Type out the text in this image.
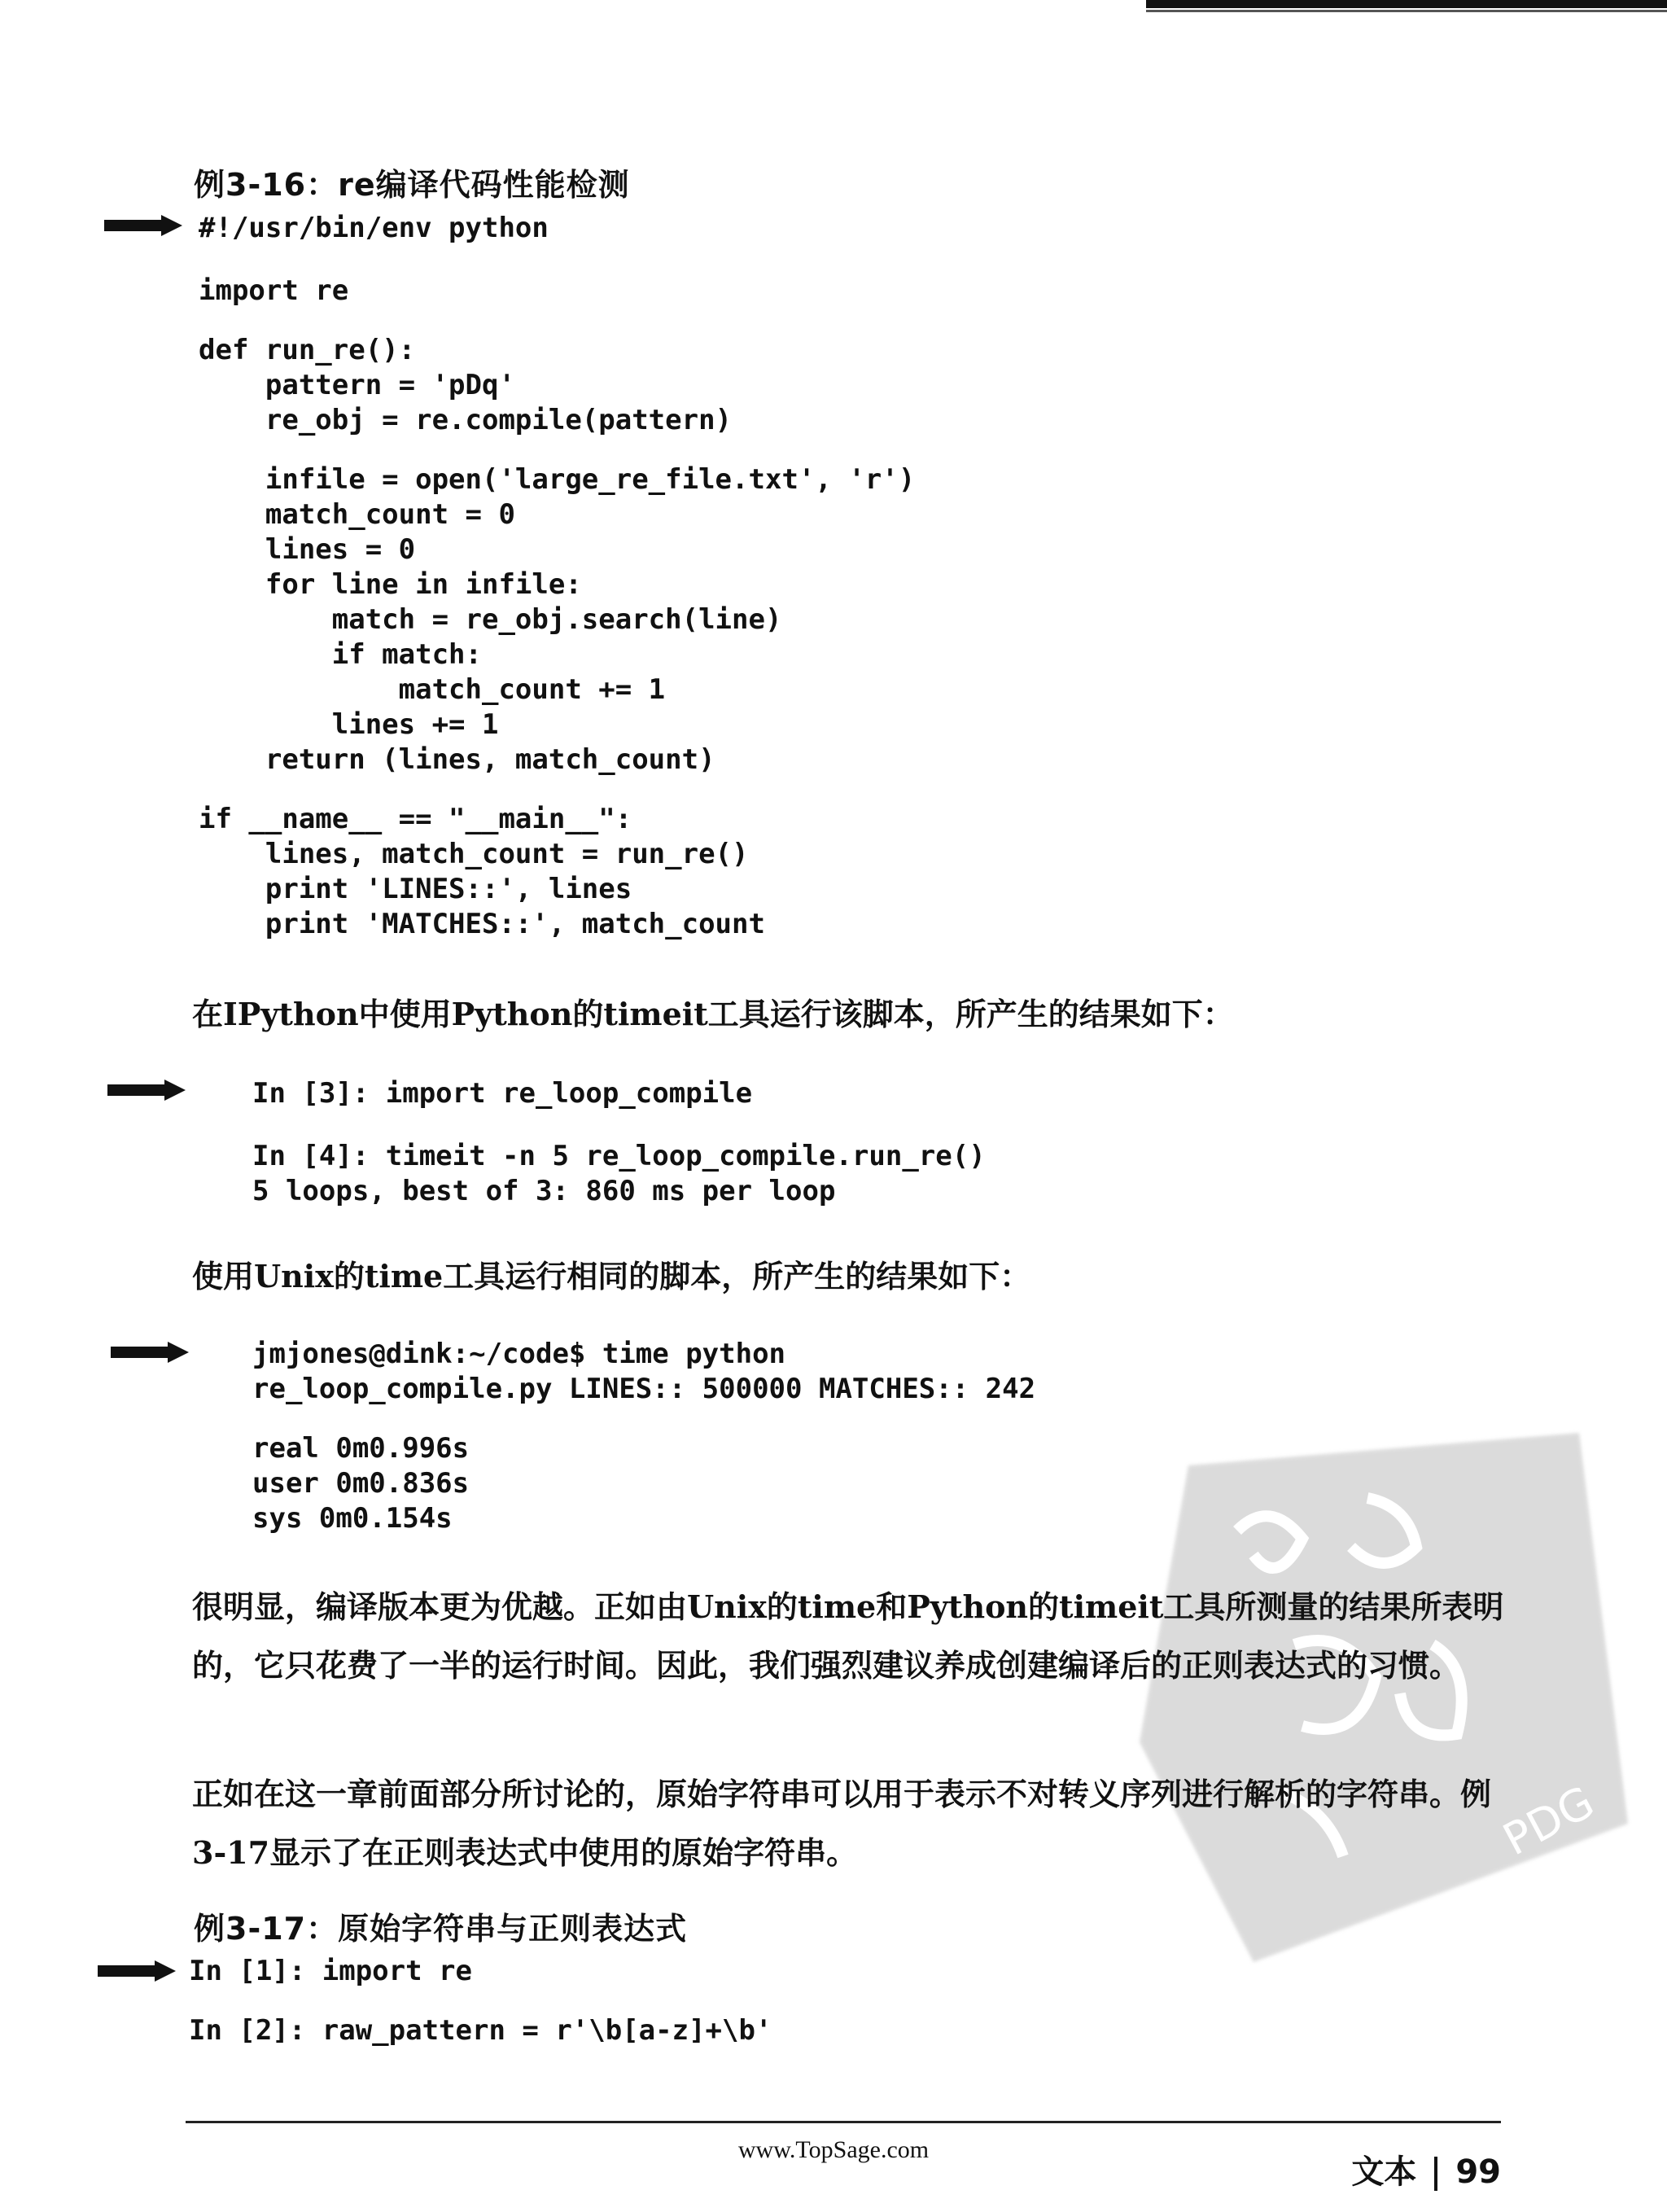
PDG
例3-16：re编译代码性能检测
#!/usr/bin/env python
import re
def run_re():
pattern = 'pDq'
re_obj = re.compile(pattern)
infile = open('large_re_file.txt', 'r')
match_count = 0
lines = 0
for line in infile:
match = re_obj.search(line)
if match:
match_count += 1
lines += 1
return (lines, match_count)
if __name__ == "__main__":
lines, match_count = run_re()
print 'LINES::', lines
print 'MATCHES::', match_count

在IPython中使用Python的timeit工具运行该脚本，所产生的结果如下：

In [3]: import re_loop_compile
In [4]: timeit -n 5 re_loop_compile.run_re()
5 loops, best of 3: 860 ms per loop

使用Unix的time工具运行相同的脚本，所产生的结果如下：

jmjones@dink:~/code$ time python
re_loop_compile.py LINES:: 500000 MATCHES:: 242
real 0m0.996s
user 0m0.836s
sys 0m0.154s

很明显，编译版本更为优越。正如由Unix的time和Python的timeit工具所测量的结果所表明的，它只花费了一半的运行时间。因此，我们强烈建议养成创建编译后的正则表达式的习惯。

正如在这一章前面部分所讨论的，原始字符串可以用于表示不对转义序列进行解析的字符串。例3-17显示了在正则表达式中使用的原始字符串。

例3-17：原始字符串与正则表达式
In [1]: import re
In [2]: raw_pattern = r'\b[a-z]+\b'
www.TopSage.com
文本 99
